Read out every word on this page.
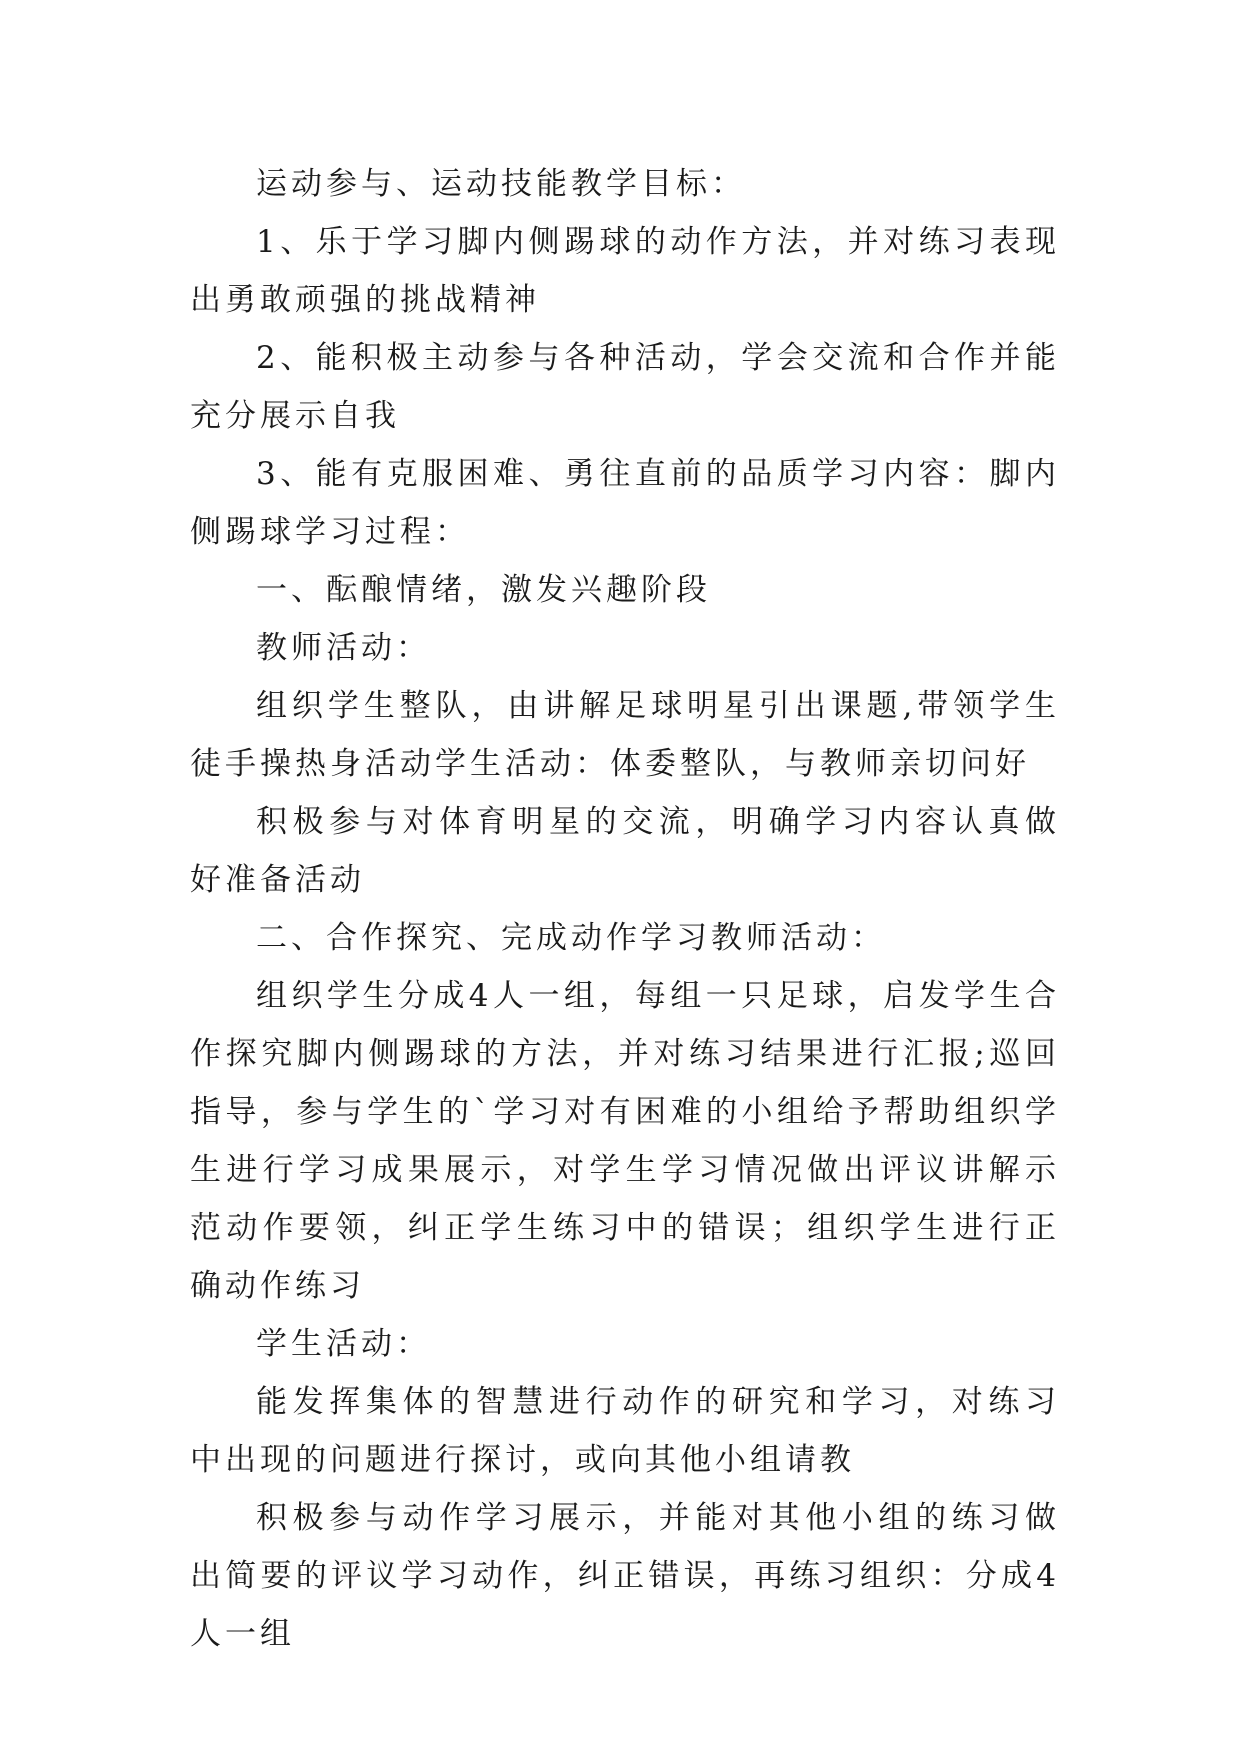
运动参与、运动技能教学目标：

1、乐于学习脚内侧踢球的动作方法，并对练习表现出勇敢顽强的挑战精神

2、能积极主动参与各种活动，学会交流和合作并能充分展示自我

3、能有克服困难、勇往直前的品质学习内容：脚内侧踢球学习过程：

一、酝酿情绪，激发兴趣阶段

教师活动：

组织学生整队，由讲解足球明星引出课题,带领学生徒手操热身活动学生活动：体委整队，与教师亲切问好

积极参与对体育明星的交流，明确学习内容认真做好准备活动

二、合作探究、完成动作学习教师活动：

组织学生分成4人一组，每组一只足球，启发学生合作探究脚内侧踢球的方法，并对练习结果进行汇报;巡回指导，参与学生的`学习对有困难的小组给予帮助组织学生进行学习成果展示，对学生学习情况做出评议讲解示范动作要领，纠正学生练习中的错误；组织学生进行正确动作练习

学生活动：

能发挥集体的智慧进行动作的研究和学习，对练习中出现的问题进行探讨，或向其他小组请教

积极参与动作学习展示，并能对其他小组的练习做出简要的评议学习动作，纠正错误，再练习组织：分成4人一组
